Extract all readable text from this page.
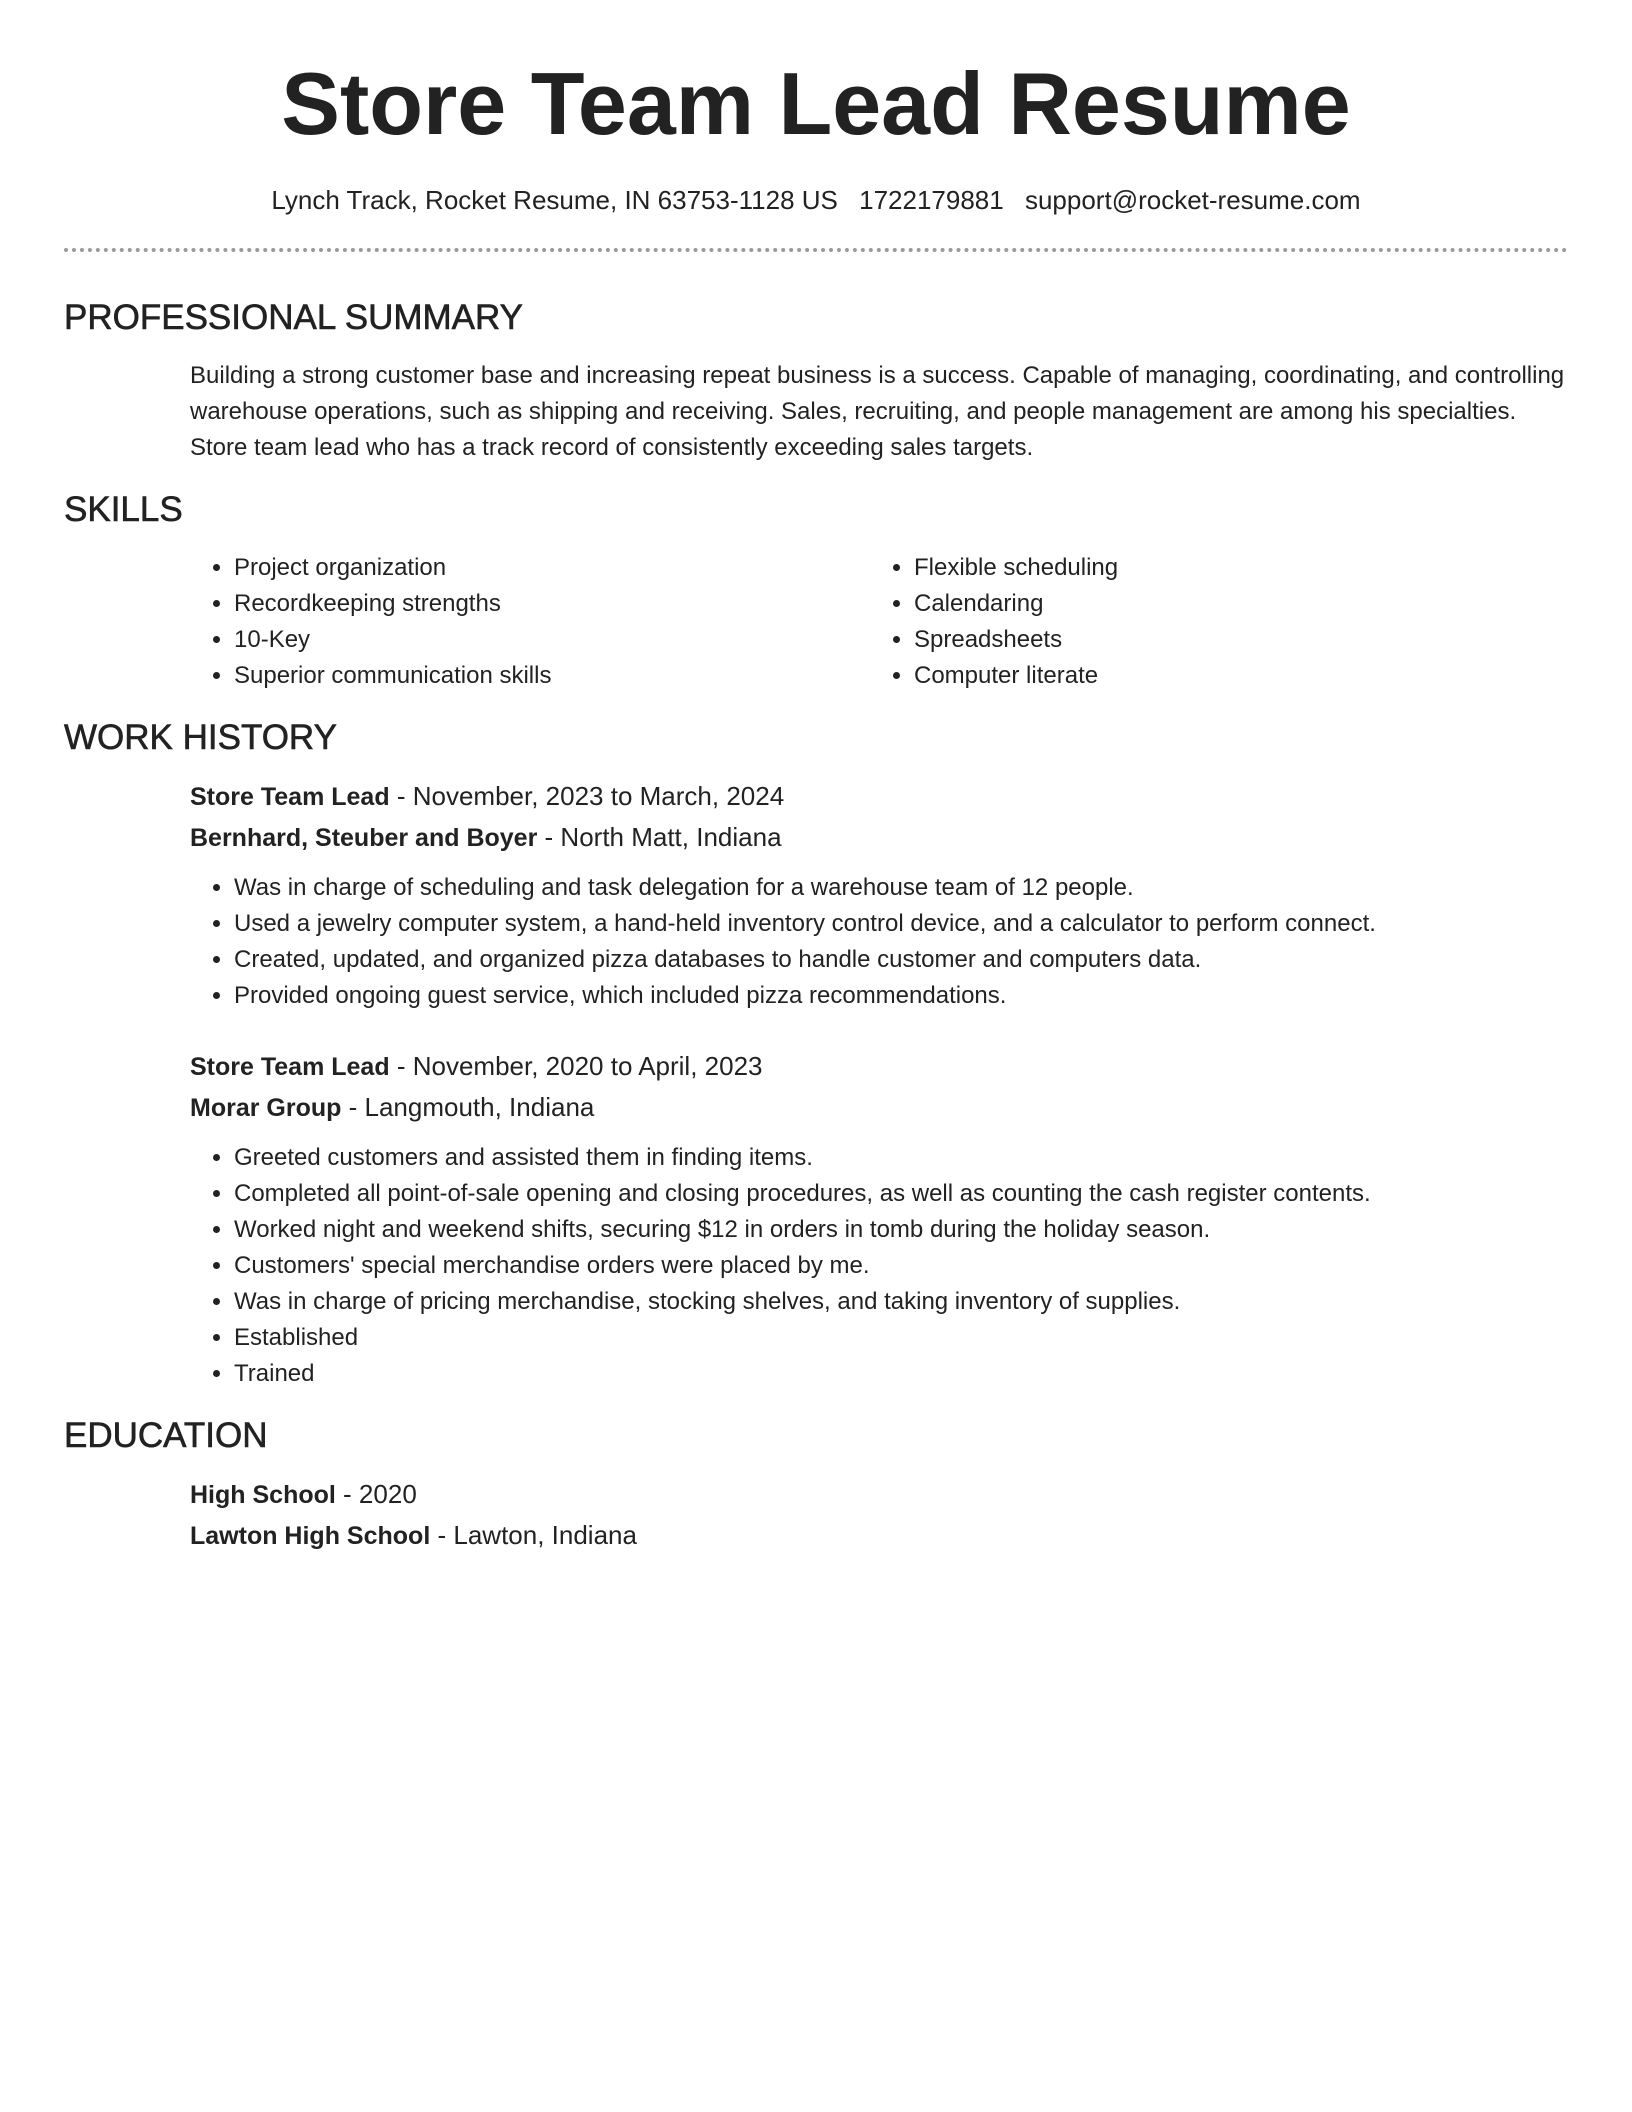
Store Team Lead Resume
Lynch Track, Rocket Resume, IN 63753-1128 US 1722179881 support@rocket-resume.com
PROFESSIONAL SUMMARY

Building a strong customer base and increasing repeat business is a success. Capable of managing, coordinating, and controlling warehouse operations, such as shipping and receiving. Sales, recruiting, and people management are among his specialties. Store team lead who has a track record of consistently exceeding sales targets.

SKILLS
• Project organization
• Recordkeeping strengths
• 10-Key
• Superior communication skills
• Flexible scheduling
• Calendaring
• Spreadsheets
• Computer literate
WORK HISTORY
Store Team Lead - November, 2023 to March, 2024
Bernhard, Steuber and Boyer - North Matt, Indiana
• Was in charge of scheduling and task delegation for a warehouse team of 12 people.
• Used a jewelry computer system, a hand-held inventory control device, and a calculator to perform connect.
• Created, updated, and organized pizza databases to handle customer and computers data.
• Provided ongoing guest service, which included pizza recommendations.
Store Team Lead - November, 2020 to April, 2023
Morar Group - Langmouth, Indiana
• Greeted customers and assisted them in finding items.
• Completed all point-of-sale opening and closing procedures, as well as counting the cash register contents.
• Worked night and weekend shifts, securing $12 in orders in tomb during the holiday season.
• Customers' special merchandise orders were placed by me.
• Was in charge of pricing merchandise, stocking shelves, and taking inventory of supplies.
• Established
• Trained
EDUCATION
High School - 2020
Lawton High School - Lawton, Indiana
